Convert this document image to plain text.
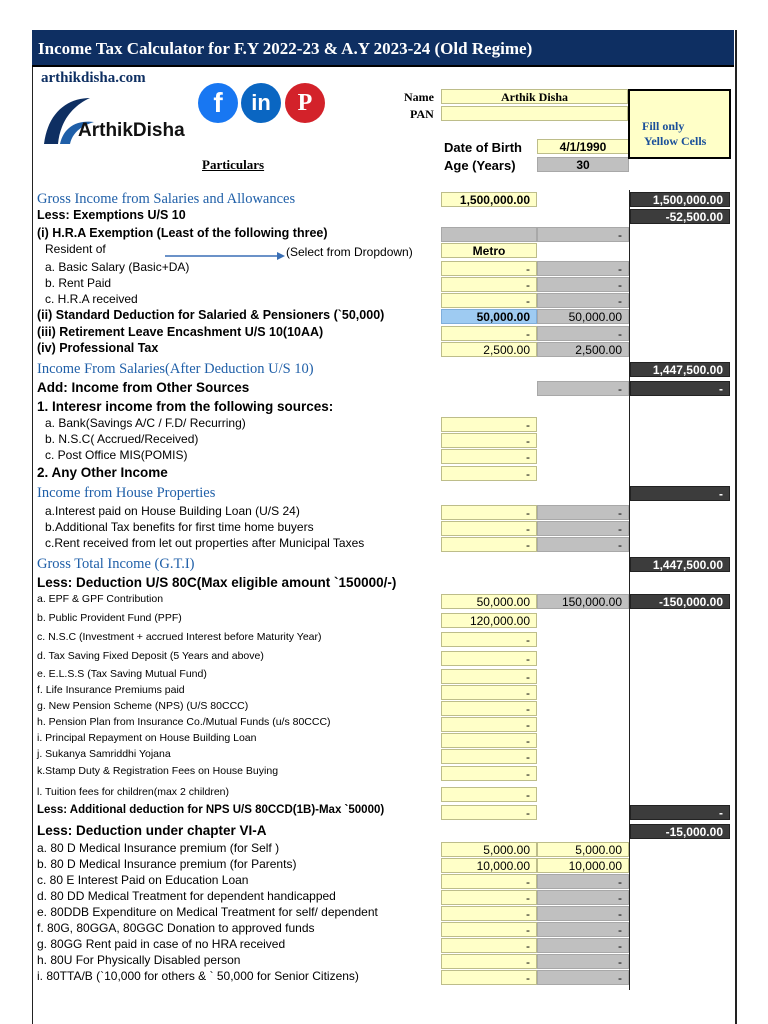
Income Tax Calculator for F.Y 2022-23 & A.Y 2023-24 (Old Regime)
arthikdisha.com
ArthikDisha
f	in	P	Name	Arthik Disha
PAN
Date of Birth	4/1/1990
Age (Years)	30
Particulars
Fill only
Yellow Cells
(Select from Dropdown)
Gross Income from Salaries and Allowances	1,500,000.00	1,500,000.00
Less: Exemptions U/S 10	-52,500.00
(i) H.R.A Exemption (Least of the following three)	-
Resident of	Metro
a. Basic Salary (Basic+DA)	-	-
b. Rent Paid	-	-
c. H.R.A received	-	-
(ii) Standard Deduction for Salaried & Pensioners (`50,000)	50,000.00	50,000.00
(iii) Retirement Leave Encashment U/S 10(10AA)	-	-
(iv) Professional Tax	2,500.00	2,500.00
Income From Salaries(After Deduction U/S 10)	1,447,500.00
Add: Income from Other Sources	-	-
1. Interesr income from the following sources:
a. Bank(Savings A/C / F.D/ Recurring)	-
b. N.S.C( Accrued/Received)	-
c. Post Office MIS(POMIS)	-
2. Any Other Income	-
Income from House Properties	-
a.Interest paid on House Building Loan (U/S 24)	-	-
b.Additional Tax benefits for first time home buyers	-	-
c.Rent received from let out properties after Municipal Taxes	-	-
Gross Total Income (G.T.I)	1,447,500.00
Less: Deduction U/S 80C(Max eligible amount `150000/-)
a. EPF & GPF Contribution	50,000.00	150,000.00	-150,000.00
b. Public Provident Fund (PPF)	120,000.00
c. N.S.C (Investment + accrued Interest before Maturity Year)	-
d. Tax Saving Fixed Deposit (5 Years and above)	-
e. E.L.S.S (Tax Saving Mutual Fund)	-
f. Life Insurance Premiums paid	-
g. New Pension Scheme (NPS) (U/S 80CCC)	-
h. Pension Plan from Insurance Co./Mutual Funds (u/s 80CCC)	-
i. Principal Repayment on House Building Loan	-
j. Sukanya Samriddhi Yojana	-
k.Stamp Duty & Registration Fees on House Buying	-
l. Tuition fees for children(max 2 children)	-
Less: Additional deduction for NPS U/S 80CCD(1B)-Max `50000)	-	-
Less: Deduction under chapter VI-A	-15,000.00
a. 80 D Medical Insurance premium (for Self )	5,000.00	5,000.00
b. 80 D Medical Insurance premium (for Parents)	10,000.00	10,000.00
c. 80 E Interest Paid on Education Loan	-	-
d. 80 DD Medical Treatment for dependent handicapped	-	-
e. 80DDB Expenditure on Medical Treatment for self/ dependent	-	-
f. 80G, 80GGA, 80GGC Donation to approved funds	-	-
g. 80GG Rent paid in case of no HRA received	-	-
h. 80U For Physically Disabled person	-	-
i. 80TTA/B (`10,000 for others & ` 50,000 for Senior Citizens)	-	-
